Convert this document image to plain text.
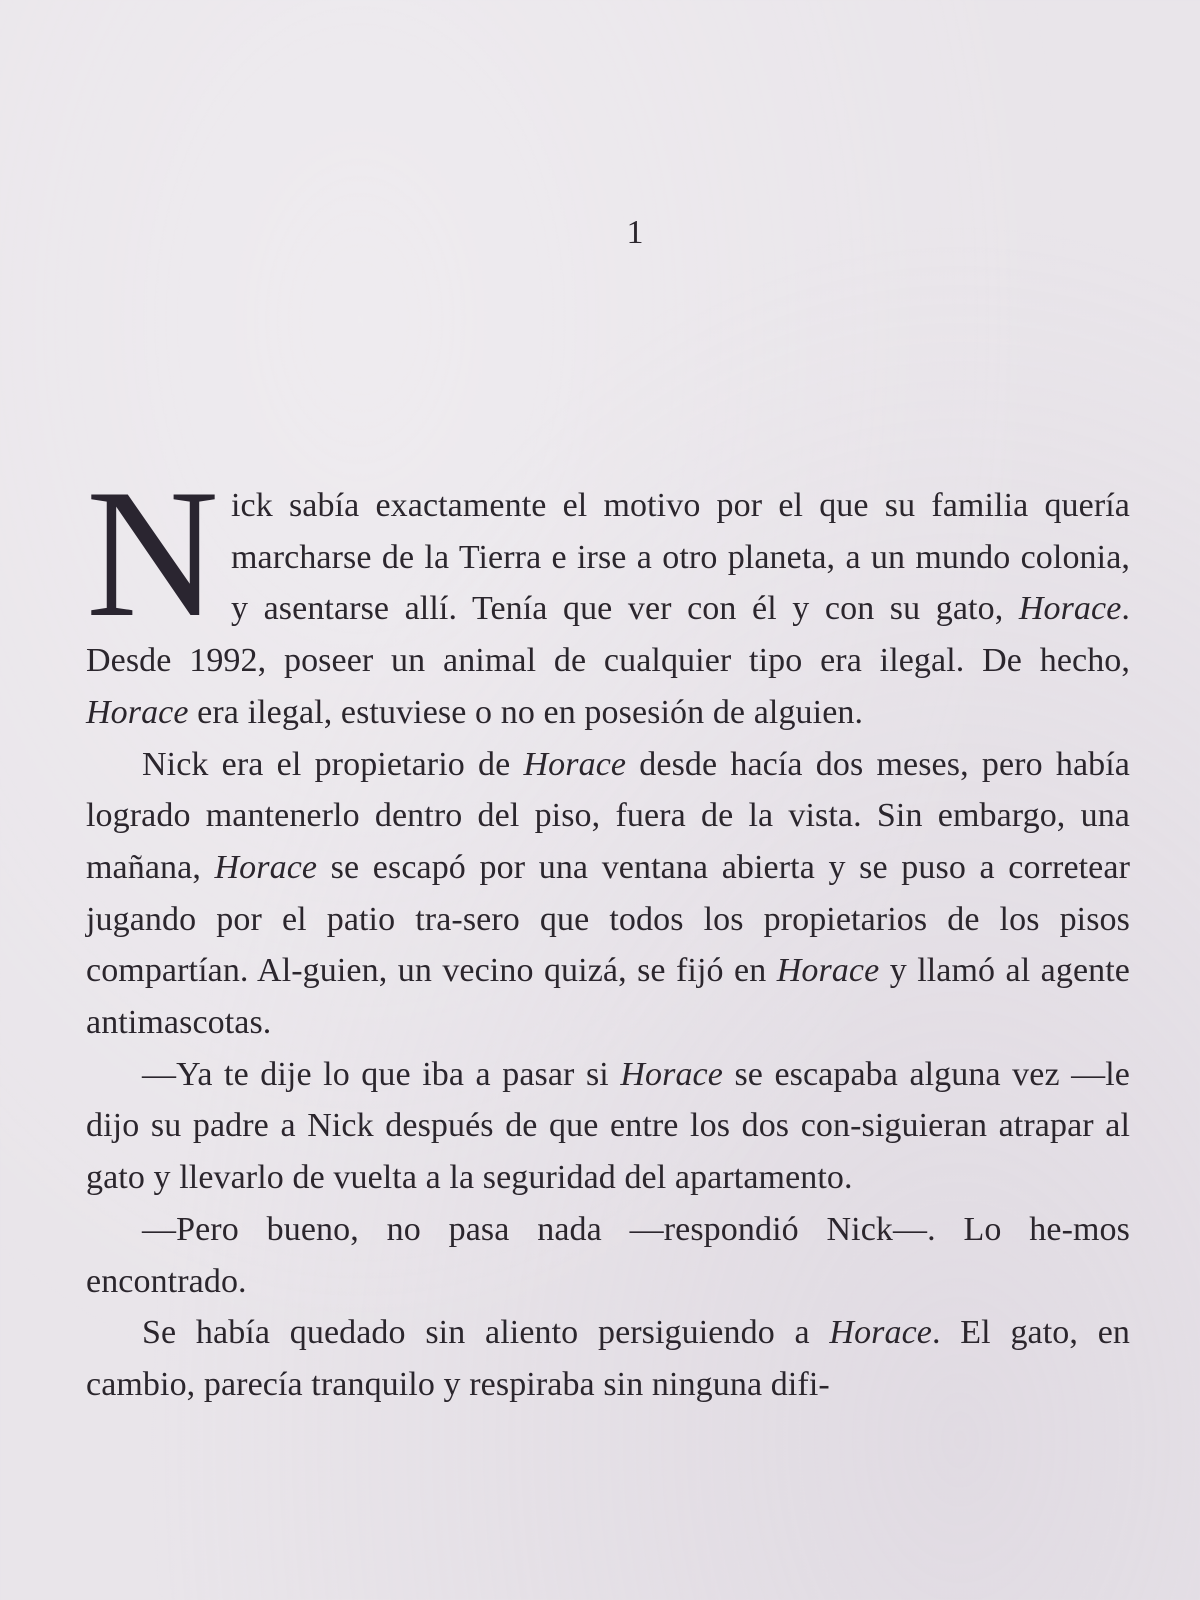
1

N ick sabía exactamente el motivo por el que su familia quería marcharse de la Tierra e irse a otro planeta, a un mundo colonia, y asentarse allí. Tenía que ver con él y con su gato, Horace. Desde 1992, poseer un animal de cualquier tipo era ilegal. De hecho, Horace era ilegal, estuviese o no en posesión de alguien.

Nick era el propietario de Horace desde hacía dos meses, pero había logrado mantenerlo dentro del piso, fuera de la vista. Sin embargo, una mañana, Horace se escapó por una ventana abierta y se puso a corretear jugando por el patio tra-sero que todos los propietarios de los pisos compartían. Al-guien, un vecino quizá, se fijó en Horace y llamó al agente antimascotas.

—Ya te dije lo que iba a pasar si Horace se escapaba alguna vez —le dijo su padre a Nick después de que entre los dos con-siguieran atrapar al gato y llevarlo de vuelta a la seguridad del apartamento.

—Pero bueno, no pasa nada —respondió Nick—. Lo he-mos encontrado.

Se había quedado sin aliento persiguiendo a Horace. El gato, en cambio, parecía tranquilo y respiraba sin ninguna difi-
